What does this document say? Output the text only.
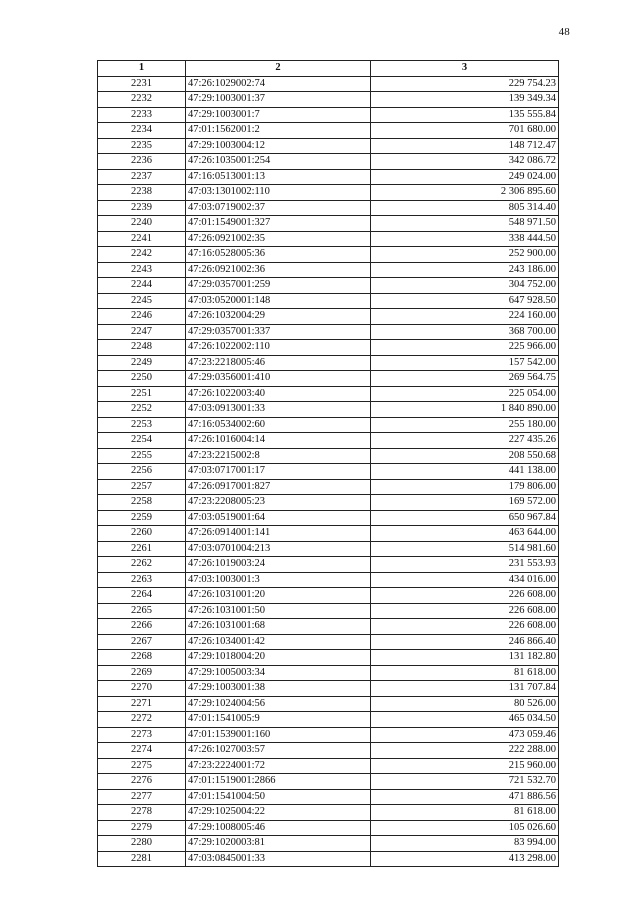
48
1	2	3
2231	47:26:1029002:74	229 754.23
2232	47:29:1003001:37	139 349.34
2233	47:29:1003001:7	135 555.84
2234	47:01:1562001:2	701 680.00
2235	47:29:1003004:12	148 712.47
2236	47:26:1035001:254	342 086.72
2237	47:16:0513001:13	249 024.00
2238	47:03:1301002:110	2 306 895.60
2239	47:03:0719002:37	805 314.40
2240	47:01:1549001:327	548 971.50
2241	47:26:0921002:35	338 444.50
2242	47:16:0528005:36	252 900.00
2243	47:26:0921002:36	243 186.00
2244	47:29:0357001:259	304 752.00
2245	47:03:0520001:148	647 928.50
2246	47:26:1032004:29	224 160.00
2247	47:29:0357001:337	368 700.00
2248	47:26:1022002:110	225 966.00
2249	47:23:2218005:46	157 542.00
2250	47:29:0356001:410	269 564.75
2251	47:26:1022003:40	225 054.00
2252	47:03:0913001:33	1 840 890.00
2253	47:16:0534002:60	255 180.00
2254	47:26:1016004:14	227 435.26
2255	47:23:2215002:8	208 550.68
2256	47:03:0717001:17	441 138.00
2257	47:26:0917001:827	179 806.00
2258	47:23:2208005:23	169 572.00
2259	47:03:0519001:64	650 967.84
2260	47:26:0914001:141	463 644.00
2261	47:03:0701004:213	514 981.60
2262	47:26:1019003:24	231 553.93
2263	47:03:1003001:3	434 016.00
2264	47:26:1031001:20	226 608.00
2265	47:26:1031001:50	226 608.00
2266	47:26:1031001:68	226 608.00
2267	47:26:1034001:42	246 866.40
2268	47:29:1018004:20	131 182.80
2269	47:29:1005003:34	81 618.00
2270	47:29:1003001:38	131 707.84
2271	47:29:1024004:56	80 526.00
2272	47:01:1541005:9	465 034.50
2273	47:01:1539001:160	473 059.46
2274	47:26:1027003:57	222 288.00
2275	47:23:2224001:72	215 960.00
2276	47:01:1519001:2866	721 532.70
2277	47:01:1541004:50	471 886.56
2278	47:29:1025004:22	81 618.00
2279	47:29:1008005:46	105 026.60
2280	47:29:1020003:81	83 994.00
2281	47:03:0845001:33	413 298.00
